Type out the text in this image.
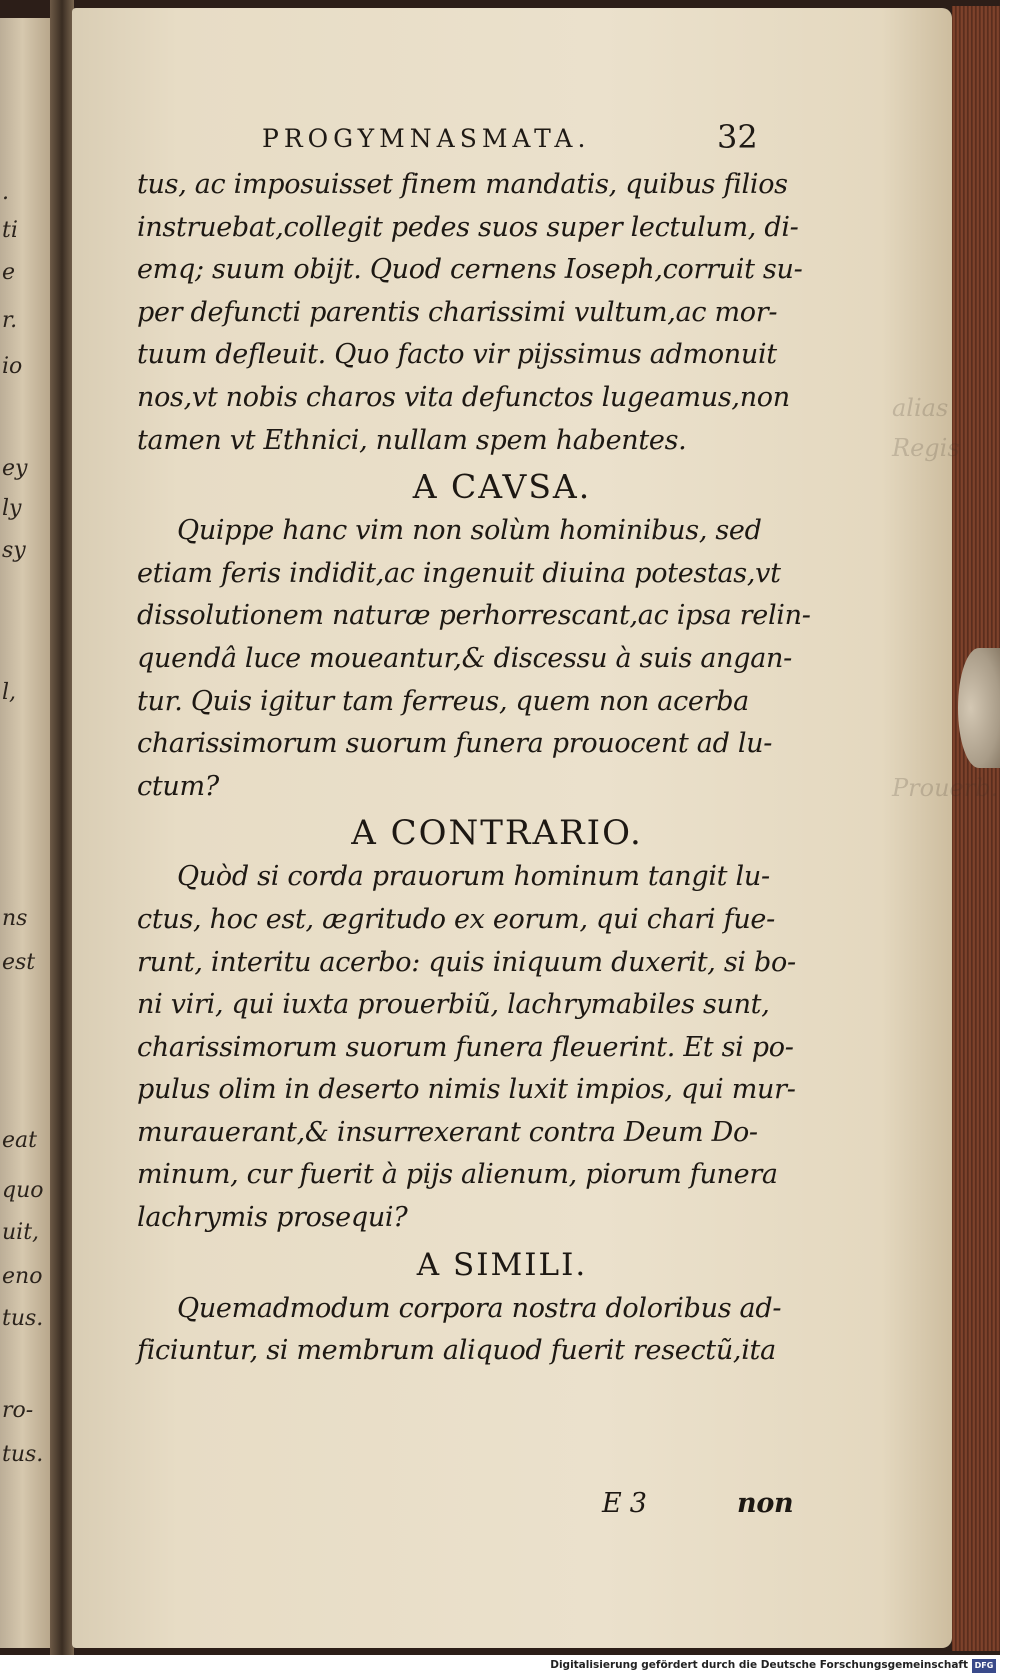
.
ti
e
r.
io
ey
ly
sy
l,
ns
est
eat
quo
uit,
eno
tus.
ro-
tus.
alias
Regis
Prouerb.
PROGYMNASMATA.	32
tus, ac imposuisset finem mandatis, quibus filios
instruebat,collegit pedes suos super lectulum, di-
emq; suum obijt. Quod cernens Ioseph,corruit su-
per defuncti parentis charissimi vultum,ac mor-
tuum defleuit. Quo facto vir pijssimus admonuit
nos,vt nobis charos vita defunctos lugeamus,non
tamen vt Ethnici, nullam spem habentes.
A CAVSA.
Quippe hanc vim non solùm hominibus, sed
etiam feris indidit,ac ingenuit diuina potestas,vt
dissolutionem naturæ perhorrescant,ac ipsa relin-
quendâ luce moueantur,& discessu à suis angan-
tur. Quis igitur tam ferreus, quem non acerba
charissimorum suorum funera prouocent ad lu-
ctum?
A CONTRARIO.
Quòd si corda prauorum hominum tangit lu-
ctus, hoc est, ægritudo ex eorum, qui chari fue-
runt, interitu acerbo: quis iniquum duxerit, si bo-
ni viri, qui iuxta prouerbiũ, lachrymabiles sunt,
charissimorum suorum funera fleuerint. Et si po-
pulus olim in deserto nimis luxit impios, qui mur-
murauerant,& insurrexerant contra Deum Do-
minum, cur fuerit à pijs alienum, piorum funera
lachrymis prosequi?
A SIMILI.
Quemadmodum corpora nostra doloribus ad-
ficiuntur, si membrum aliquod fuerit resectũ,ita
E 3	non
Digitalisierung gefördert durch die Deutsche Forschungsgemeinschaft DFG
